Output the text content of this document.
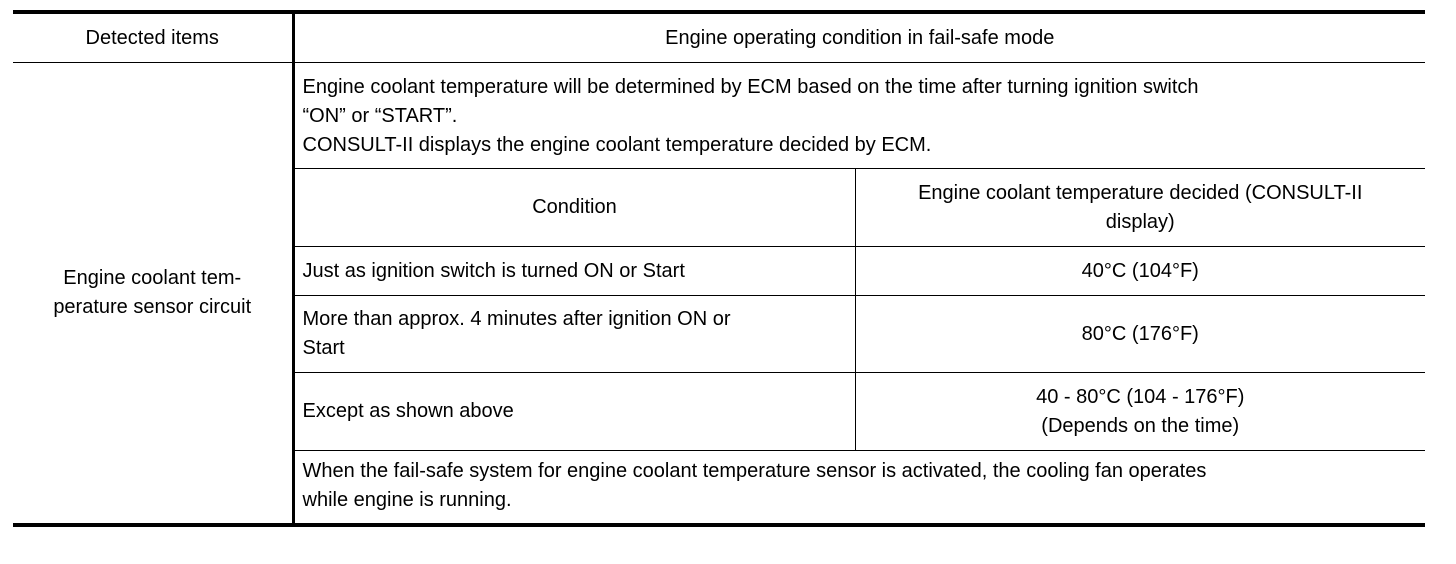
Detected items	Engine operating condition in fail-safe mode	

Engine coolant tem-
perature sensor circuit	Engine coolant temperature will be determined by ECM based on the time after turning ignition switch
“ON” or “START”.
CONSULT-II displays the engine coolant temperature decided by ECM.	

	Condition	Engine coolant temperature decided (CONSULT-II
display)

	Just as ignition switch is turned ON or Start	40°C (104°F)

	More than approx. 4 minutes after ignition ON or
Start	80°C (176°F)
	Except as shown above	40 - 80°C (104 - 176°F)
(Depends on the time)

	When the fail-safe system for engine coolant temperature sensor is activated, the cooling fan operates
while engine is running.	
